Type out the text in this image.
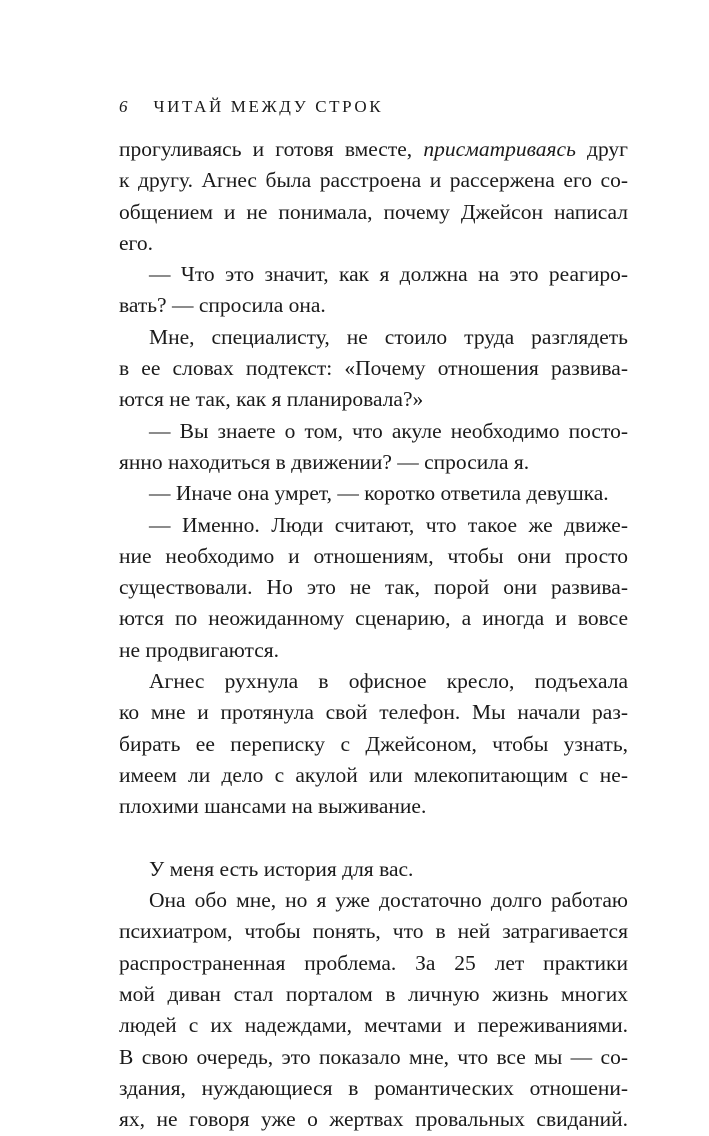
6 ЧИТАЙ МЕЖДУ СТРОК
прогуливаясь и готовя вместе, присматриваясь друг
к другу. Агнес была расстроена и рассержена его со-
общением и не понимала, почему Джейсон написал
его.
— Что это значит, как я должна на это реагиро-
вать? — спросила она.
Мне, специалисту, не стоило труда разглядеть
в ее словах подтекст: «Почему отношения развива-
ются не так, как я планировала?»
— Вы знаете о том, что акуле необходимо посто-
янно находиться в движении? — спросила я.
— Иначе она умрет, — коротко ответила девушка.
— Именно. Люди считают, что такое же движе-
ние необходимо и отношениям, чтобы они просто
существовали. Но это не так, порой они развива-
ются по неожиданному сценарию, а иногда и вовсе
не продвигаются.
Агнес рухнула в офисное кресло, подъехала
ко мне и протянула свой телефон. Мы начали раз-
бирать ее переписку с Джейсоном, чтобы узнать,
имеем ли дело с акулой или млекопитающим с не-
плохими шансами на выживание.
У меня есть история для вас.
Она обо мне, но я уже достаточно долго работаю
психиатром, чтобы понять, что в ней затрагивается
распространенная проблема. За 25 лет практики
мой диван стал порталом в личную жизнь многих
людей с их надеждами, мечтами и переживаниями.
В свою очередь, это показало мне, что все мы — со-
здания, нуждающиеся в романтических отношени-
ях, не говоря уже о жертвах провальных свиданий.
